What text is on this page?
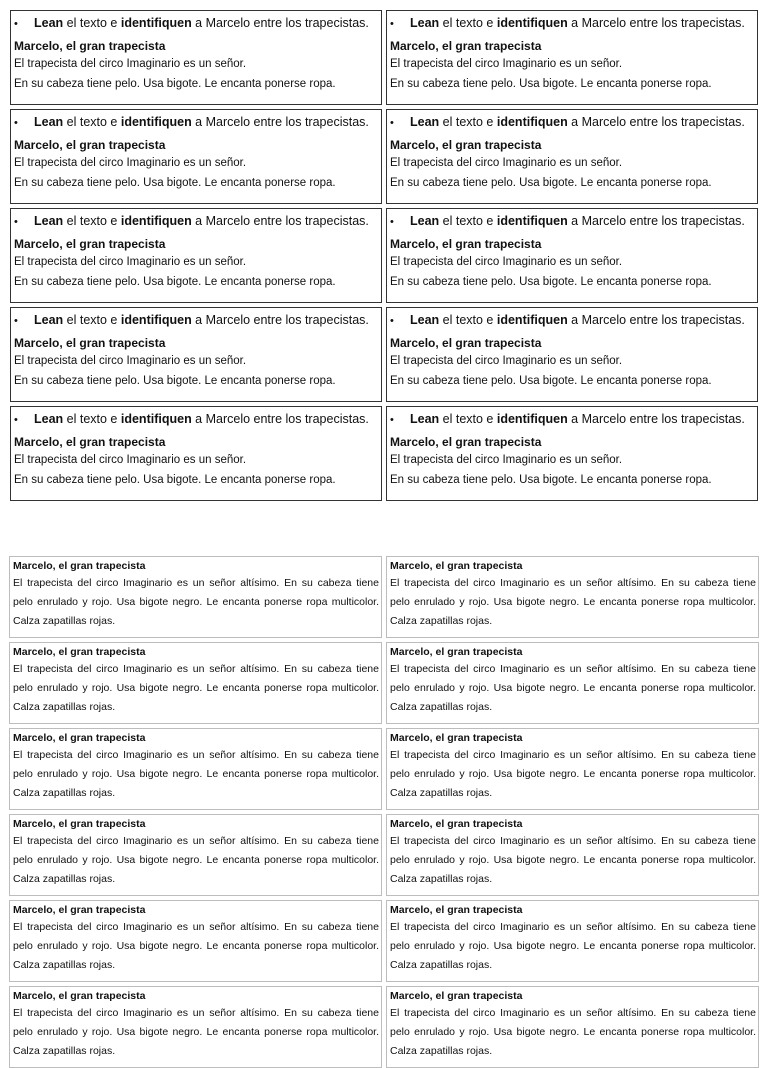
• Lean el texto e identifiquen a Marcelo entre los trapecistas.
Marcelo, el gran trapecista
El trapecista del circo Imaginario es un señor.
En su cabeza tiene pelo. Usa bigote. Le encanta ponerse ropa.
• Lean el texto e identifiquen a Marcelo entre los trapecistas.
Marcelo, el gran trapecista
El trapecista del circo Imaginario es un señor.
En su cabeza tiene pelo. Usa bigote. Le encanta ponerse ropa.
• Lean el texto e identifiquen a Marcelo entre los trapecistas.
Marcelo, el gran trapecista
El trapecista del circo Imaginario es un señor.
En su cabeza tiene pelo. Usa bigote. Le encanta ponerse ropa.
• Lean el texto e identifiquen a Marcelo entre los trapecistas.
Marcelo, el gran trapecista
El trapecista del circo Imaginario es un señor.
En su cabeza tiene pelo. Usa bigote. Le encanta ponerse ropa.
• Lean el texto e identifiquen a Marcelo entre los trapecistas.
Marcelo, el gran trapecista
El trapecista del circo Imaginario es un señor.
En su cabeza tiene pelo. Usa bigote. Le encanta ponerse ropa.
• Lean el texto e identifiquen a Marcelo entre los trapecistas.
Marcelo, el gran trapecista
El trapecista del circo Imaginario es un señor.
En su cabeza tiene pelo. Usa bigote. Le encanta ponerse ropa.
• Lean el texto e identifiquen a Marcelo entre los trapecistas.
Marcelo, el gran trapecista
El trapecista del circo Imaginario es un señor.
En su cabeza tiene pelo. Usa bigote. Le encanta ponerse ropa.
• Lean el texto e identifiquen a Marcelo entre los trapecistas.
Marcelo, el gran trapecista
El trapecista del circo Imaginario es un señor.
En su cabeza tiene pelo. Usa bigote. Le encanta ponerse ropa.
• Lean el texto e identifiquen a Marcelo entre los trapecistas.
Marcelo, el gran trapecista
El trapecista del circo Imaginario es un señor.
En su cabeza tiene pelo. Usa bigote. Le encanta ponerse ropa.
• Lean el texto e identifiquen a Marcelo entre los trapecistas.
Marcelo, el gran trapecista
El trapecista del circo Imaginario es un señor.
En su cabeza tiene pelo. Usa bigote. Le encanta ponerse ropa.
Marcelo, el gran trapecista
El trapecista del circo Imaginario es un señor altísimo. En su cabeza tiene pelo enrulado y rojo. Usa bigote negro. Le encanta ponerse ropa multicolor. Calza zapatillas rojas.
Marcelo, el gran trapecista
El trapecista del circo Imaginario es un señor altísimo. En su cabeza tiene pelo enrulado y rojo. Usa bigote negro. Le encanta ponerse ropa multicolor. Calza zapatillas rojas.
Marcelo, el gran trapecista
El trapecista del circo Imaginario es un señor altísimo. En su cabeza tiene pelo enrulado y rojo. Usa bigote negro. Le encanta ponerse ropa multicolor. Calza zapatillas rojas.
Marcelo, el gran trapecista
El trapecista del circo Imaginario es un señor altísimo. En su cabeza tiene pelo enrulado y rojo. Usa bigote negro. Le encanta ponerse ropa multicolor. Calza zapatillas rojas.
Marcelo, el gran trapecista
El trapecista del circo Imaginario es un señor altísimo. En su cabeza tiene pelo enrulado y rojo. Usa bigote negro. Le encanta ponerse ropa multicolor. Calza zapatillas rojas.
Marcelo, el gran trapecista
El trapecista del circo Imaginario es un señor altísimo. En su cabeza tiene pelo enrulado y rojo. Usa bigote negro. Le encanta ponerse ropa multicolor. Calza zapatillas rojas.
Marcelo, el gran trapecista
El trapecista del circo Imaginario es un señor altísimo. En su cabeza tiene pelo enrulado y rojo. Usa bigote negro. Le encanta ponerse ropa multicolor. Calza zapatillas rojas.
Marcelo, el gran trapecista
El trapecista del circo Imaginario es un señor altísimo. En su cabeza tiene pelo enrulado y rojo. Usa bigote negro. Le encanta ponerse ropa multicolor. Calza zapatillas rojas.
Marcelo, el gran trapecista
El trapecista del circo Imaginario es un señor altísimo. En su cabeza tiene pelo enrulado y rojo. Usa bigote negro. Le encanta ponerse ropa multicolor. Calza zapatillas rojas.
Marcelo, el gran trapecista
El trapecista del circo Imaginario es un señor altísimo. En su cabeza tiene pelo enrulado y rojo. Usa bigote negro. Le encanta ponerse ropa multicolor. Calza zapatillas rojas.
Marcelo, el gran trapecista
El trapecista del circo Imaginario es un señor altísimo. En su cabeza tiene pelo enrulado y rojo. Usa bigote negro. Le encanta ponerse ropa multicolor. Calza zapatillas rojas.
Marcelo, el gran trapecista
El trapecista del circo Imaginario es un señor altísimo. En su cabeza tiene pelo enrulado y rojo. Usa bigote negro. Le encanta ponerse ropa multicolor. Calza zapatillas rojas.
